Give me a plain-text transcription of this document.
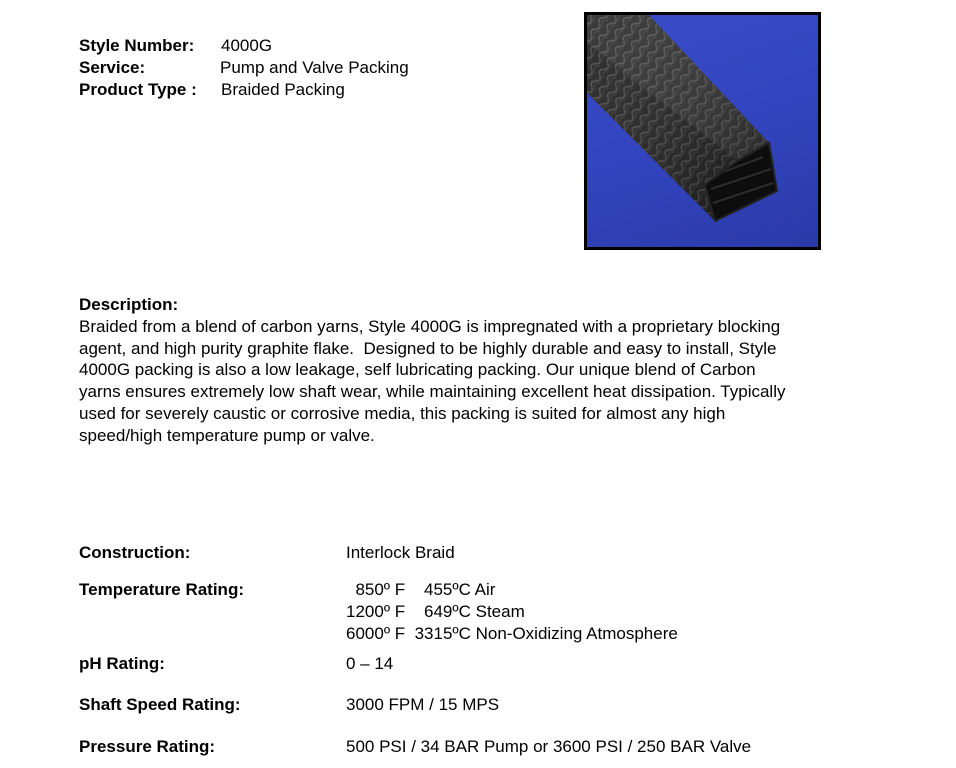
Style Number: 4000G
Service:	Pump and Valve Packing
Product Type : Braided Packing
Description:
Braided from a blend of carbon yarns, Style 4000G is impregnated with a proprietary blocking
agent, and high purity graphite flake.  Designed to be highly durable and easy to install, Style
4000G packing is also a low leakage, self lubricating packing. Our unique blend of Carbon
yarns ensures extremely low shaft wear, while maintaining excellent heat dissipation. Typically
used for severely caustic or corrosive media, this packing is suited for almost any high
speed/high temperature pump or valve.
Construction:	Interlock Braid
Temperature Rating:	850º F    455ºC Air
1200º F    649ºC Steam
6000º F  3315ºC Non-Oxidizing Atmosphere
pH Rating:	0 – 14
Shaft Speed Rating:	3000 FPM / 15 MPS
Pressure Rating:	500 PSI / 34 BAR Pump or 3600 PSI / 250 BAR Valve
